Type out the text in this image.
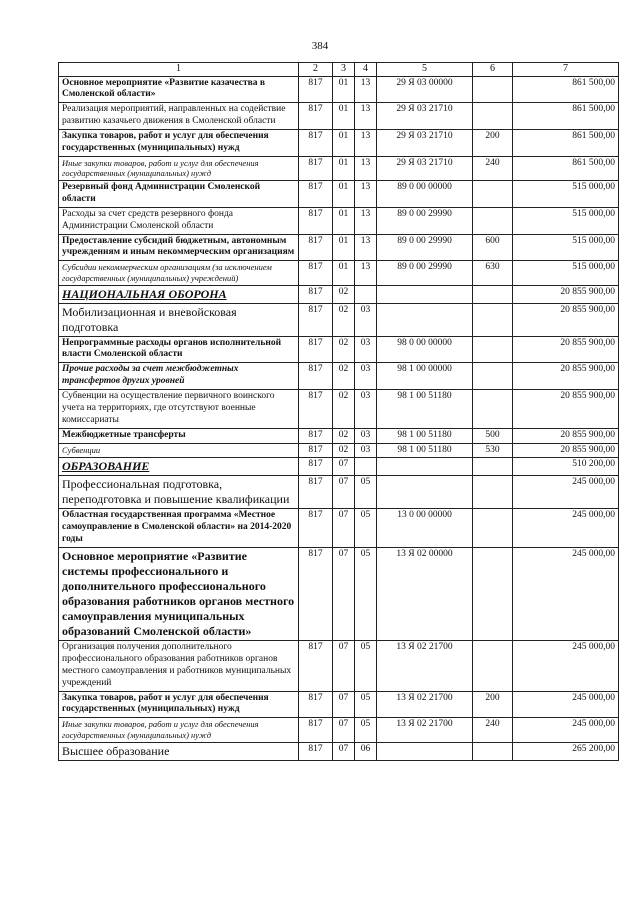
384
1	2	3	4	5	6	7
Основное мероприятие «Развитие казачества в Смоленской области»	817	01	13	29 Я 03 00000		861 500,00
Реализация мероприятий, направленных на содействие развитию казачьего движения в Смоленской области	817	01	13	29 Я 03 21710		861 500,00
Закупка товаров, работ и услуг для обеспечения государственных (муниципальных) нужд	817	01	13	29 Я 03 21710	200	861 500,00
Иные закупки товаров, работ и услуг для обеспечения государственных (муниципальных) нужд	817	01	13	29 Я 03 21710	240	861 500,00
Резервный фонд Администрации Смоленской области	817	01	13	89 0 00 00000		515 000,00
Расходы за счет средств резервного фонда Администрации Смоленской области	817	01	13	89 0 00 29990		515 000,00
Предоставление субсидий бюджетным, автономным учреждениям и иным некоммерческим организациям	817	01	13	89 0 00 29990	600	515 000,00
Субсидии некоммерческим организациям (за исключением государственных (муниципальных) учреждений)	817	01	13	89 0 00 29990	630	515 000,00
НАЦИОНАЛЬНАЯ ОБОРОНА	817	02				20 855 900,00
Мобилизационная и вневойсковая подготовка	817	02	03			20 855 900,00
Непрограммные расходы органов исполнительной власти Смоленской области	817	02	03	98 0 00 00000		20 855 900,00
Прочие расходы за счет межбюджетных трансфертов других уровней	817	02	03	98 1 00 00000		20 855 900,00
Субвенции на осуществление первичного воинского учета на территориях, где отсутствуют военные комиссариаты	817	02	03	98 1 00 51180		20 855 900,00
Межбюджетные трансферты	817	02	03	98 1 00 51180	500	20 855 900,00
Субвенции	817	02	03	98 1 00 51180	530	20 855 900,00
ОБРАЗОВАНИЕ	817	07				510 200,00
Профессиональная подготовка, переподготовка и повышение квалификации	817	07	05			245 000,00
Областная государственная программа «Местное самоуправление в Смоленской области» на 2014-2020 годы	817	07	05	13 0 00 00000		245 000,00
Основное мероприятие «Развитие системы профессионального и дополнительного профессионального образования работников органов местного самоуправления муниципальных образований Смоленской области»	817	07	05	13 Я 02 00000		245 000,00
Организация получения дополнительного профессионального образования работников органов местного самоуправления и работников муниципальных учреждений	817	07	05	13 Я 02 21700		245 000,00
Закупка товаров, работ и услуг для обеспечения государственных (муниципальных) нужд	817	07	05	13 Я 02 21700	200	245 000,00
Иные закупки товаров, работ и услуг для обеспечения государственных (муниципальных) нужд	817	07	05	13 Я 02 21700	240	245 000,00
Высшее образование	817	07	06			265 200,00
